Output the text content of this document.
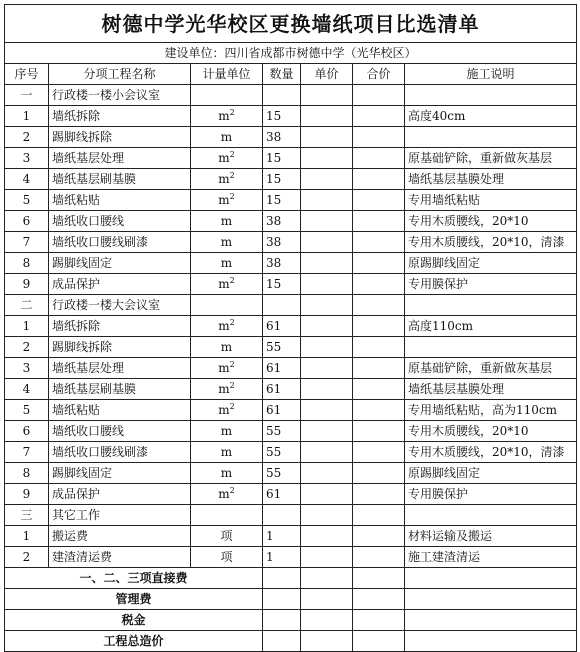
树德中学光华校区更换墙纸项目比选清单						
建设单位：四川省成都市树德中学（光华校区）						
序号	分项工程名称	计量单位	数量	单价	合价	施工说明
一	行政楼一楼小会议室					
1	墙纸拆除	$m^2$	15			高度40cm
2	踢脚线拆除	m	38			
3	墙纸基层处理	$m^2$	15			原基础铲除，重新做灰基层
4	墙纸基层刷基膜	$m^2$	15			墙纸基层基膜处理
5	墙纸粘贴	$m^2$	15			专用墙纸粘贴
6	墙纸收口腰线	m	38			专用木质腰线，20*10
7	墙纸收口腰线刷漆	m	38			专用木质腰线，20*10，清漆
8	踢脚线固定	m	38			原踢脚线固定
9	成品保护	$m^2$	15			专用膜保护
二	行政楼一楼大会议室					
1	墙纸拆除	$m^2$	61			高度110cm
2	踢脚线拆除	m	55			
3	墙纸基层处理	$m^2$	61			原基础铲除，重新做灰基层
4	墙纸基层刷基膜	$m^2$	61			墙纸基层基膜处理
5	墙纸粘贴	$m^2$	61			专用墙纸粘贴，高为110cm
6	墙纸收口腰线	m	55			专用木质腰线，20*10
7	墙纸收口腰线刷漆	m	55			专用木质腰线，20*10，清漆
8	踢脚线固定	m	55			原踢脚线固定
9	成品保护	$m^2$	61			专用膜保护
三	其它工作					
1	搬运费	项	1			材料运输及搬运
2	建渣清运费	项	1			施工建渣清运
一、二、三项直接费						
管理费						
税金						
工程总造价						
